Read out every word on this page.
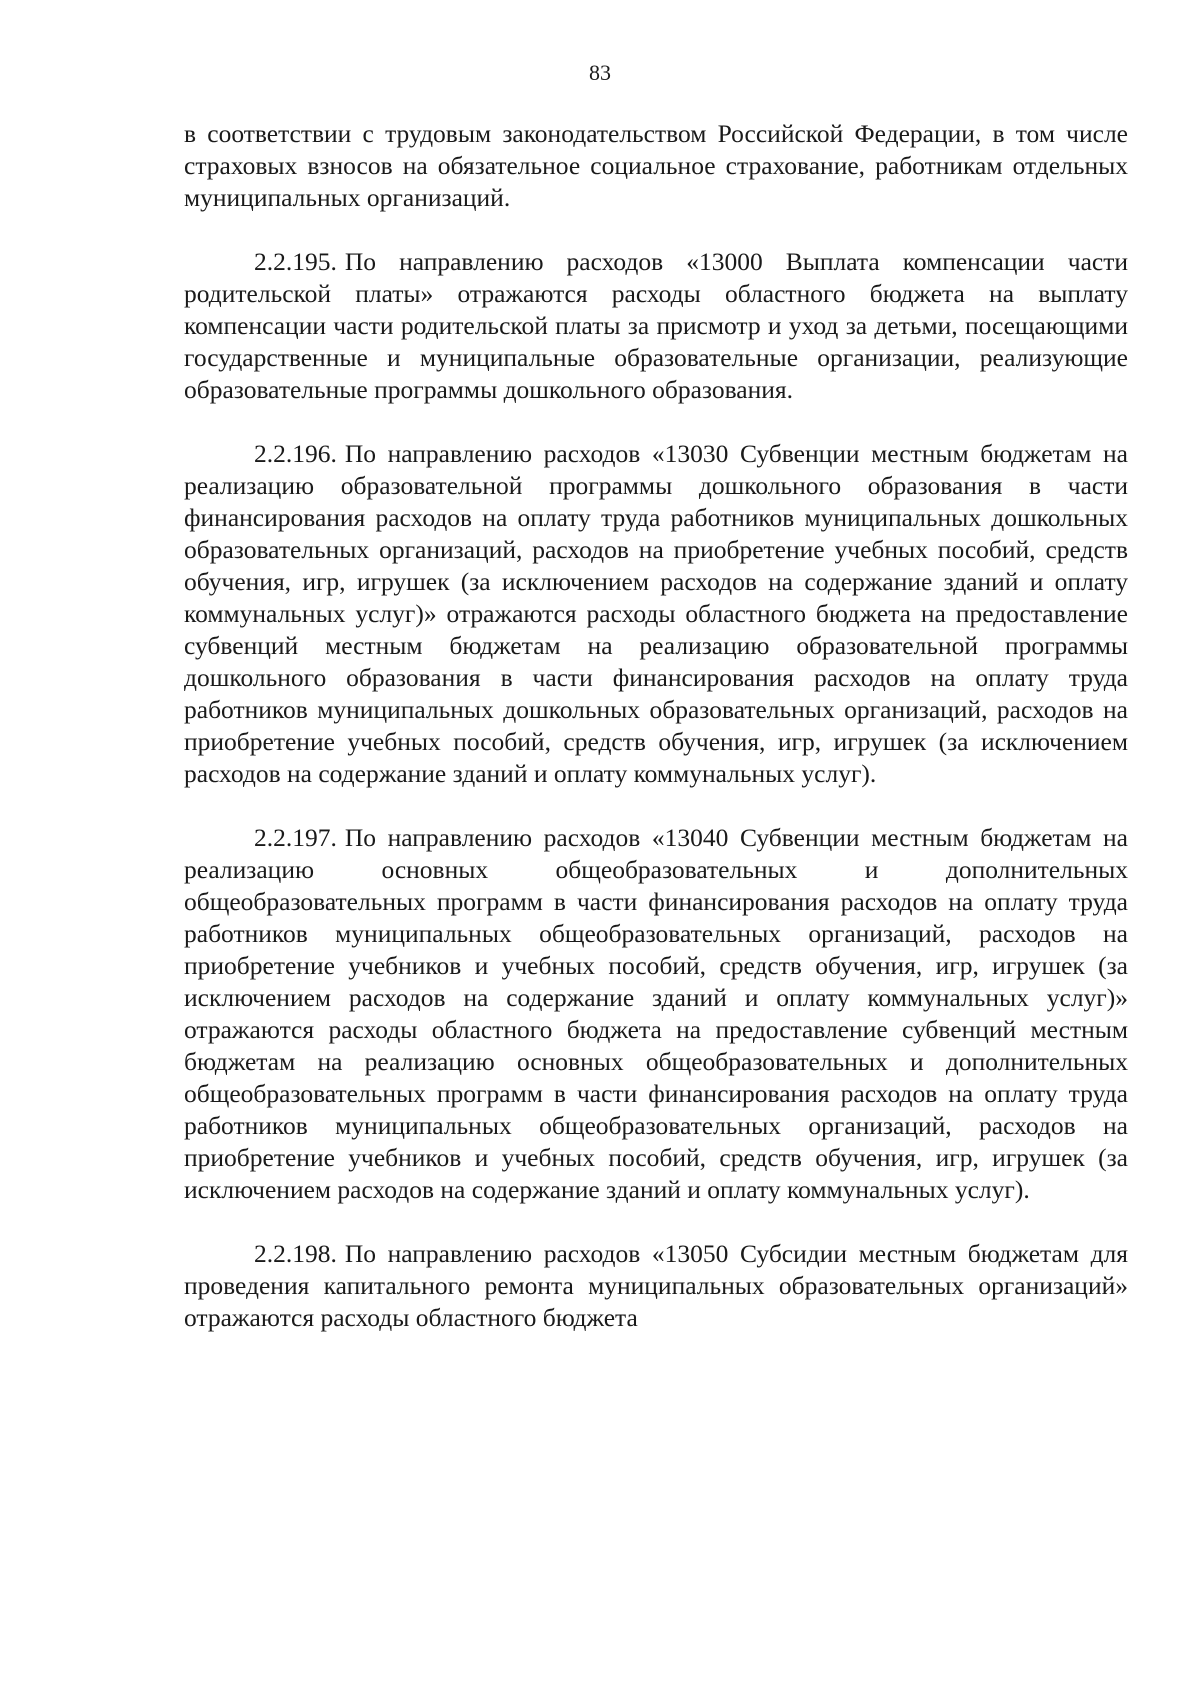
83

в соответствии с трудовым законодательством Российской Федерации, в том числе страховых взносов на обязательное социальное страхование, работникам отдельных муниципальных организаций.

2.2.195. По направлению расходов «13000 Выплата компенсации части родительской платы» отражаются расходы областного бюджета на выплату компенсации части родительской платы за присмотр и уход за детьми, посещающими государственные и муниципальные образовательные организации, реализующие образовательные программы дошкольного образования.

2.2.196. По направлению расходов «13030 Субвенции местным бюджетам на реализацию образовательной программы дошкольного образования в части финансирования расходов на оплату труда работников муниципальных дошкольных образовательных организаций, расходов на приобретение учебных пособий, средств обучения, игр, игрушек (за исключением расходов на содержание зданий и оплату коммунальных услуг)» отражаются расходы областного бюджета на предоставление субвенций местным бюджетам на реализацию образовательной программы дошкольного образования в части финансирования расходов на оплату труда работников муниципальных дошкольных образовательных организаций, расходов на приобретение учебных пособий, средств обучения, игр, игрушек (за исключением расходов на содержание зданий и оплату коммунальных услуг).

2.2.197. По направлению расходов «13040 Субвенции местным бюджетам на реализацию основных общеобразовательных и дополнительных общеобразовательных программ в части финансирования расходов на оплату труда работников муниципальных общеобразовательных организаций, расходов на приобретение учебников и учебных пособий, средств обучения, игр, игрушек (за исключением расходов на содержание зданий и оплату коммунальных услуг)» отражаются расходы областного бюджета на предоставление субвенций местным бюджетам на реализацию основных общеобразовательных и дополнительных общеобразовательных программ в части финансирования расходов на оплату труда работников муниципальных общеобразовательных организаций, расходов на приобретение учебников и учебных пособий, средств обучения, игр, игрушек (за исключением расходов на содержание зданий и оплату коммунальных услуг).

2.2.198. По направлению расходов «13050 Субсидии местным бюджетам для проведения капитального ремонта муниципальных образовательных организаций» отражаются расходы областного бюджета
